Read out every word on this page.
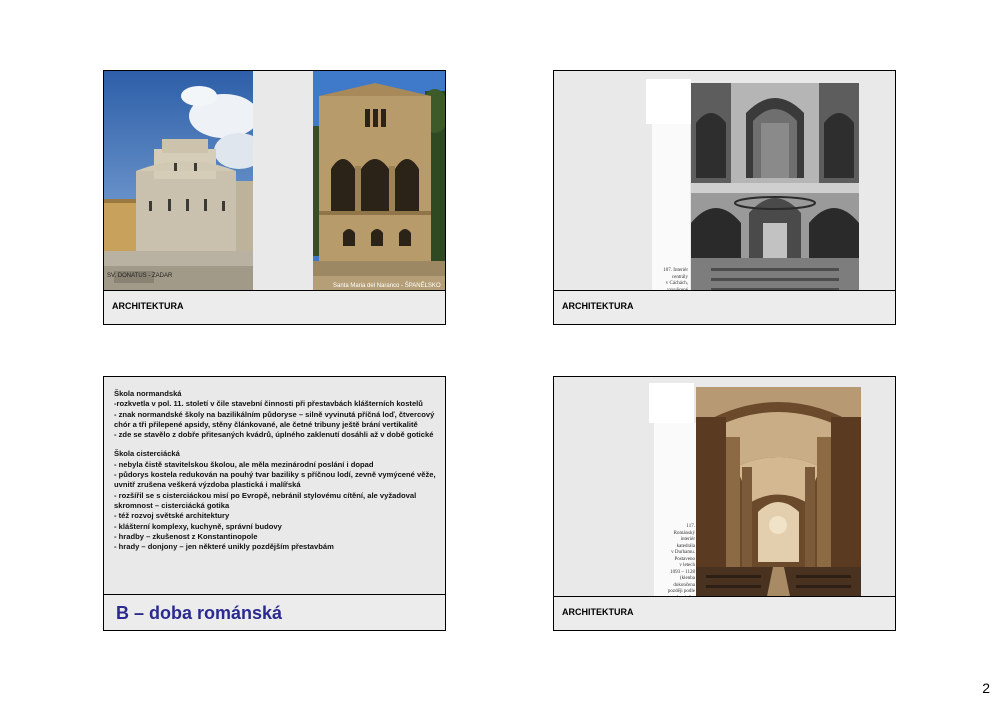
SV. DONATUS - ZADAR
Santa Maria del Naranco - ŠPANĚLSKO
ARCHITEKTURA
107. Interiér
centrály
v Cáchách,
ARCHITEKTURA

Škola normandská

-rozkvetla v pol. 11. století v čile stavební činnosti při přestavbách klášterních kostelů

- znak normandské školy na bazilikálním půdoryse – silně vyvinutá příčná loď, čtvercový chór a tři přilepené apsidy, stěny článkované, ale četné tribuny ještě brání vertikalitě

- zde se stavělo z dobře přitesaných kvádrů, úplného zaklenutí dosáhli až v době gotické

Škola cisterciácká

- nebyla čistě stavitelskou školou, ale měla mezinárodní poslání i dopad

- půdorys kostela redukován na pouhý tvar baziliky s příčnou lodí, zevně vymýcené věže, uvnitř zrušena veškerá výzdoba plastická i malířská

- rozšířil se s cisterciáckou misí po Evropě, nebránil stylovému cítění, ale vyžadoval skromnost – cisterciácká gotika

- též rozvoj světské architektury

- klášterní komplexy, kuchyně, správní budovy

- hradby – zkušenost z Konstantinopole

- hrady – donjony – jen některé unikly pozdějším přestavbám

B – doba románská
117.
Románský
interiér
katedrála
v Durhamu.
Postaveno
v letech
1093 – 1128
(klenba
dokončena
později podle
ARCHITEKTURA
2
